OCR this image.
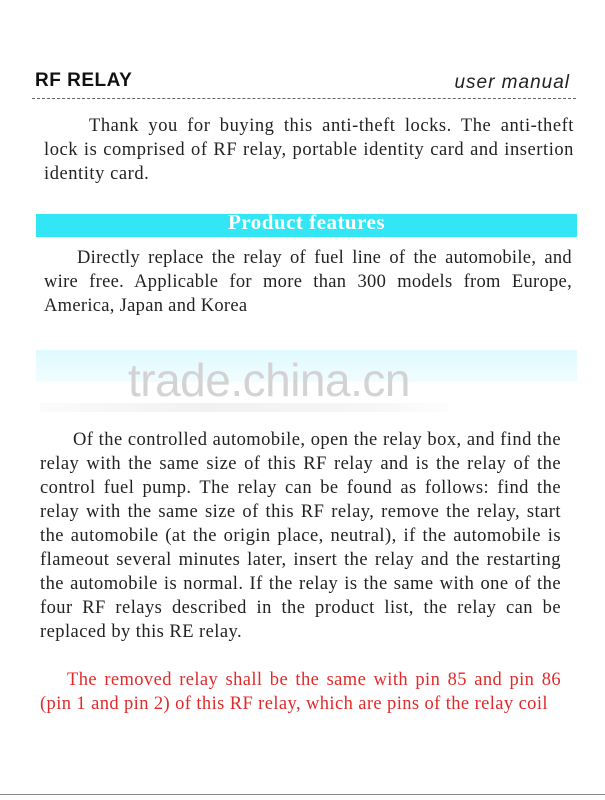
RF RELAY	user manual

Thank you for buying this anti-theft locks. The anti-theft lock is comprised of RF relay, portable identity card and insertion identity card.

Product features

Directly replace the relay of fuel line of the automobile, and wire free. Applicable for more than 300 models from Europe, America, Japan and Korea

trade.china.cn

Of the controlled automobile, open the relay box, and find the relay with the same size of this RF relay and is the relay of the control fuel pump. The relay can be found as follows: find the relay with the same size of this RF relay, remove the relay, start the automobile (at the origin place, neutral), if the automobile is flameout several minutes later, insert the relay and the restarting the automobile is normal. If the relay is the same with one of the four RF relays described in the product list, the relay can be replaced by this RE relay.

The removed relay shall be the same with pin 85 and pin 86 (pin 1 and pin 2) of this RF relay, which are pins of the relay coil
